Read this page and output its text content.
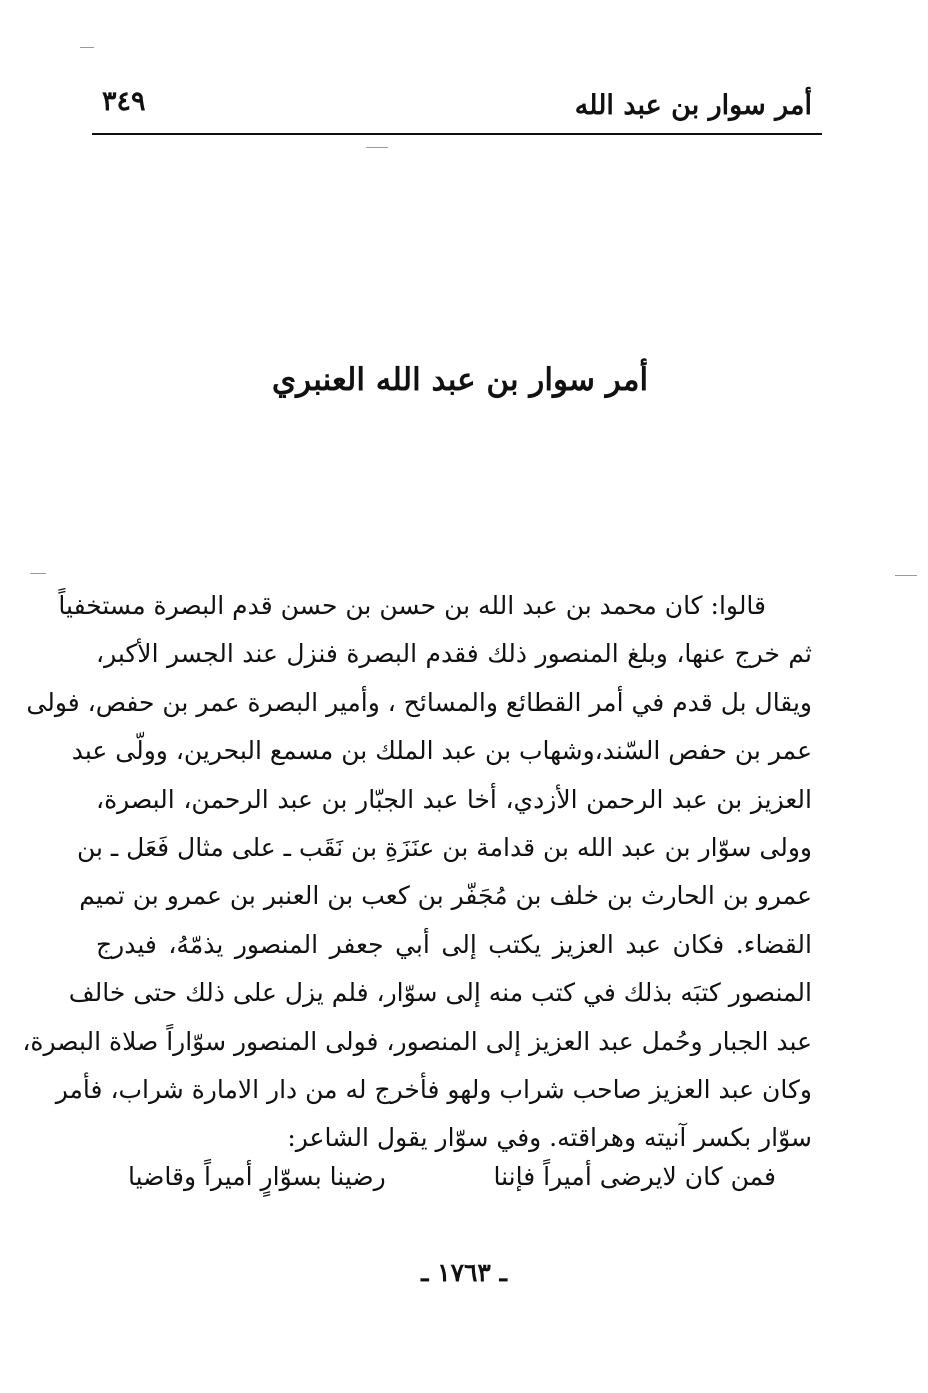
أمر سوار بن عبد الله
٣٤٩
أمر سوار بن عبد الله العنبري
قالوا: كان محمد بن عبد الله بن حسن بن حسن قدم البصرة مستخفياً
ثم خرج عنها، وبلغ المنصور ذلك فقدم البصرة فنزل عند الجسر الأكبر،
ويقال بل قدم في أمر القطائع والمسائح ، وأمير البصرة عمر بن حفص، فولى
عمر بن حفص السّند،وشهاب بن عبد الملك بن مسمع البحرين، وولّى عبد
العزيز بن عبد الرحمن الأزدي، أخا عبد الجبّار بن عبد الرحمن، البصرة،
وولى سوّار بن عبد الله بن قدامة بن عنَزَةِ بن نَقَب ـ على مثال فَعَل ـ بن
عمرو بن الحارث بن خلف بن مُجَفّر بن كعب بن العنبر بن عمرو بن تميم
القضاء. فكان عبد العزيز يكتب إلى أبي جعفر المنصور يذمّهُ، فيدرج
المنصور كتبَه بذلك في كتب منه إلى سوّار، فلم يزل على ذلك حتى خالف
عبد الجبار وحُمل عبد العزيز إلى المنصور، فولى المنصور سوّاراً صلاة البصرة،
وكان عبد العزيز صاحب شراب ولهو فأخرج له من دار الامارة شراب، فأمر
سوّار بكسر آنيته وهراقته. وفي سوّار يقول الشاعر:
فمن كان لايرضى أميراً فإننا
رضينا بسوّارٍ أميراً وقاضيا
ـ ١٧٦٣ ـ
